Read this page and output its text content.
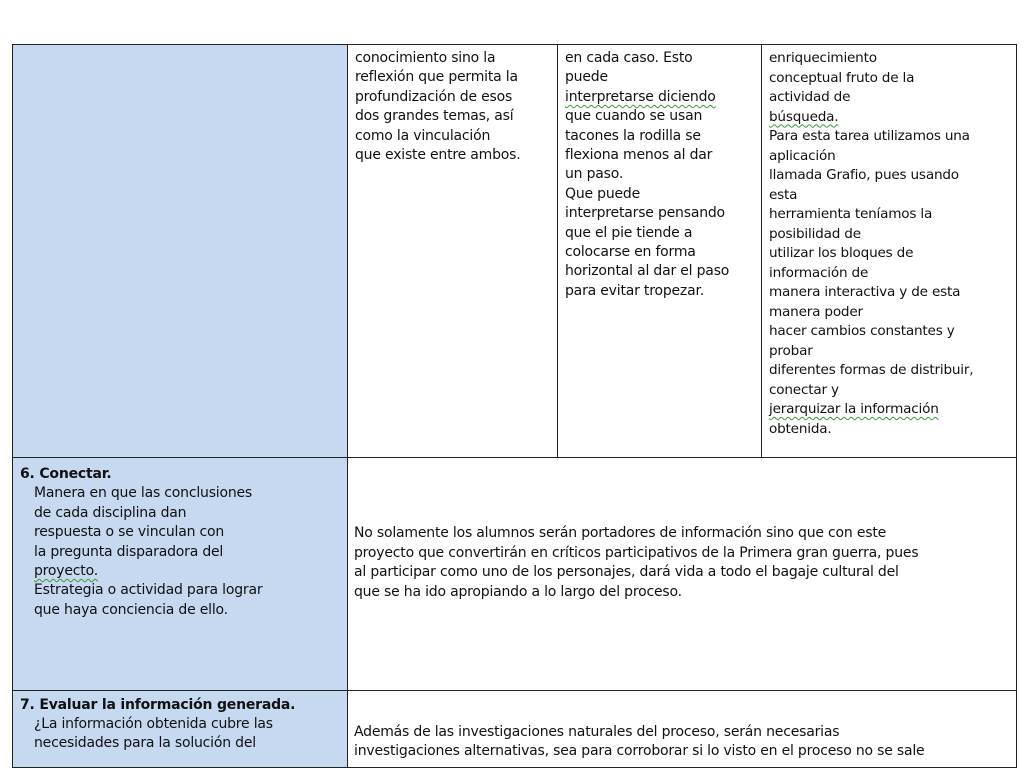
conocimiento sino la
reflexión que permita la
profundización de esos
dos grandes temas, así
como la vinculación
que existe entre ambos.
en cada caso. Esto
puede
interpretarse diciendo
que cuando se usan
tacones la rodilla se
flexiona menos al dar
un paso.
Que puede
interpretarse pensando
que el pie tiende a
colocarse en forma
horizontal al dar el paso
para evitar tropezar.
enriquecimiento
conceptual fruto de la
actividad de
búsqueda.
Para esta tarea utilizamos una
aplicación
llamada Grafio, pues usando
esta
herramienta teníamos la
posibilidad de
utilizar los bloques de
información de
manera interactiva y de esta
manera poder
hacer cambios constantes y
probar
diferentes formas de distribuir,
conectar y
jerarquizar la información
obtenida.
6. Conectar.
Manera en que las conclusiones
de cada disciplina dan
respuesta o se vinculan con
la pregunta disparadora del
proyecto.
Estrategia o actividad para lograr
que haya conciencia de ello.
No solamente los alumnos serán portadores de información sino que con este
proyecto que convertirán en críticos participativos de la Primera gran guerra, pues
al participar como uno de los personajes, dará vida a todo el bagaje cultural del
que se ha ido apropiando a lo largo del proceso.
7. Evaluar la información generada.
¿La información obtenida cubre las
necesidades para la solución del
Además de las investigaciones naturales del proceso, serán necesarias
investigaciones alternativas, sea para corroborar si lo visto en el proceso no se sale
